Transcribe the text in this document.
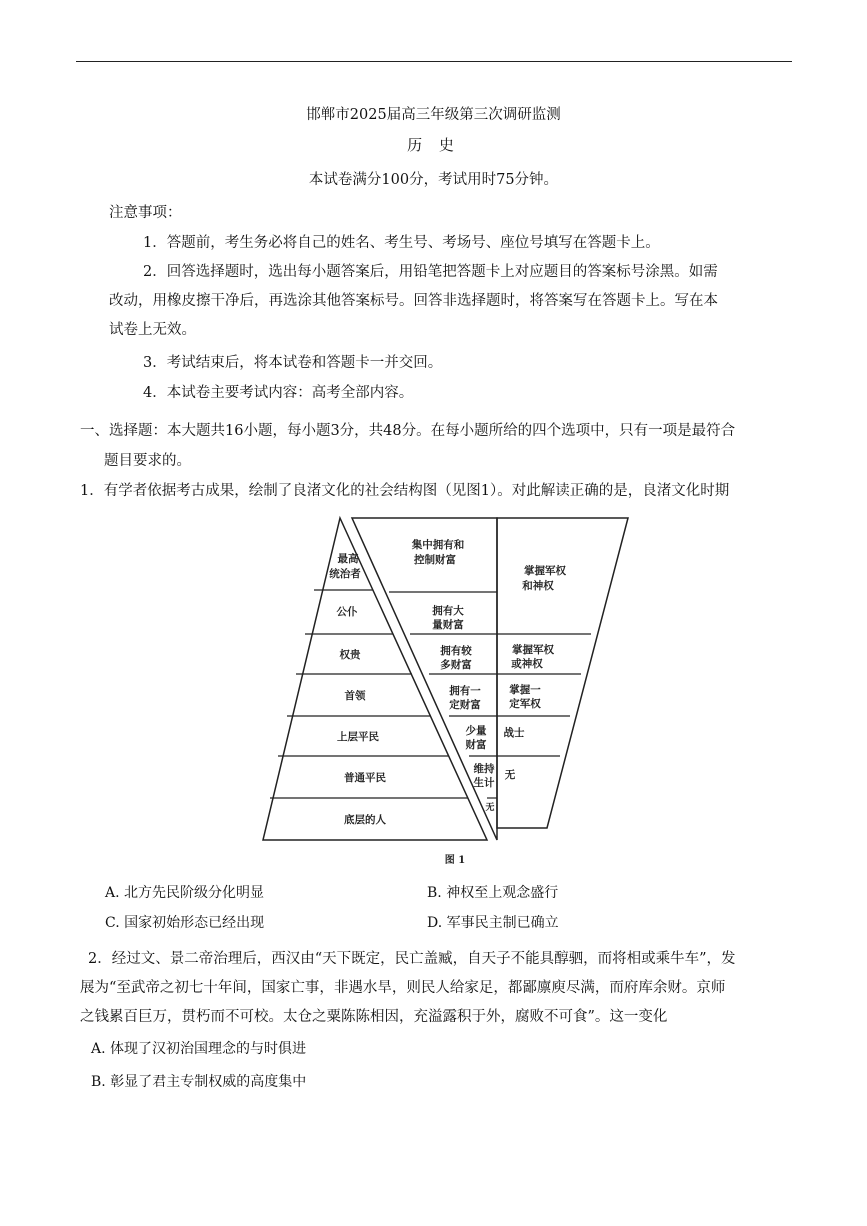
邯郸市2025届高三年级第三次调研监测
历 史
本试卷满分100分，考试用时75分钟。
注意事项：
1．答题前，考生务必将自己的姓名、考生号、考场号、座位号填写在答题卡上。
2．回答选择题时，选出每小题答案后，用铅笔把答题卡上对应题目的答案标号涂黑。如需
改动，用橡皮擦干净后，再选涂其他答案标号。回答非选择题时，将答案写在答题卡上。写在本
试卷上无效。
3．考试结束后，将本试卷和答题卡一并交回。
4．本试卷主要考试内容：高考全部内容。
一、选择题：本大题共16小题，每小题3分，共48分。在每小题所给的四个选项中，只有一项是最符合
题目要求的。
1．有学者依据考古成果，绘制了良渚文化的社会结构图（见图1）。对此解读正确的是，良渚文化时期
最高
统治者
公仆
权贵
首领
上层平民
普通平民
底层的人
集中拥有和
控制财富
拥有大
量财富
拥有较
多财富
拥有一
定财富
少量
财富
维持
生计
无
掌握军权
和神权
掌握军权
或神权
掌握一
定军权
战士
无
图 1
A. 北方先民阶级分化明显	B. 神权至上观念盛行
C. 国家初始形态已经出现	D. 军事民主制已确立
2．经过文、景二帝治理后，西汉由“天下既定，民亡盖臧，自天子不能具醇驷，而将相或乘牛车”，发
展为“至武帝之初七十年间，国家亡事，非遇水旱，则民人给家足，都鄙廪庾尽满，而府库余财。京师
之钱累百巨万，贯朽而不可校。太仓之粟陈陈相因，充溢露积于外，腐败不可食”。这一变化
A. 体现了汉初治国理念的与时俱进
B. 彰显了君主专制权威的高度集中
